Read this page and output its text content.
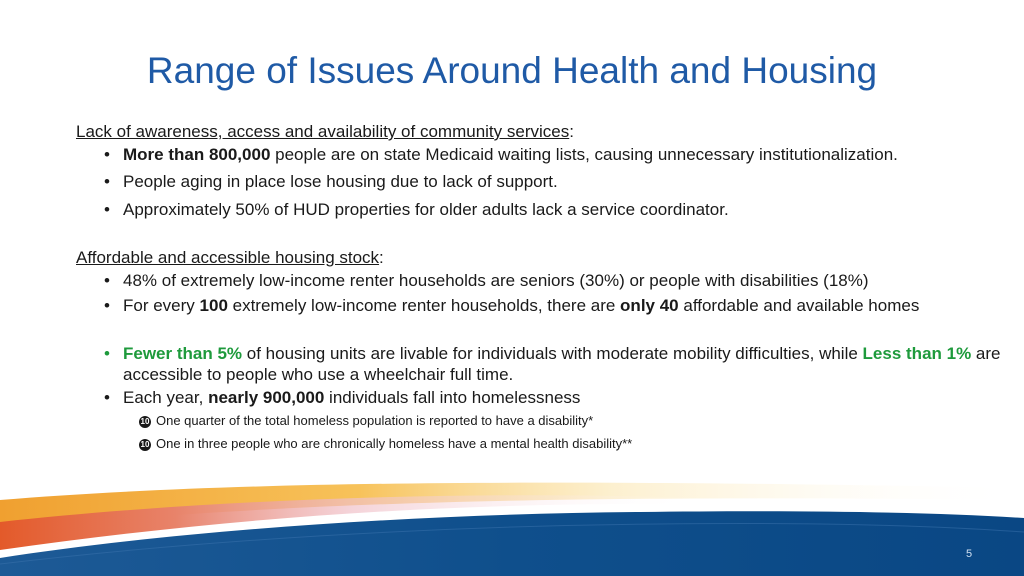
Range of Issues Around Health and Housing
Lack of awareness, access and availability of community services:
• More than 800,000 people are on state Medicaid waiting lists, causing unnecessary institutionalization.
• People aging in place lose housing due to lack of support.
• Approximately 50% of HUD properties for older adults lack a service coordinator.
Affordable and accessible housing stock:
• 48% of extremely low-income renter households are seniors (30%) or people with disabilities (18%)
• For every 100 extremely low-income renter households, there are only 40 affordable and available homes
• Fewer than 5% of housing units are livable for individuals with moderate mobility difficulties, while Less than 1% are accessible to people who use a wheelchair full time.
• Each year, nearly 900,000 individuals fall into homelessness
10 One quarter of the total homeless population is reported to have a disability*
10 One in three people who are chronically homeless have a mental health disability**
5
